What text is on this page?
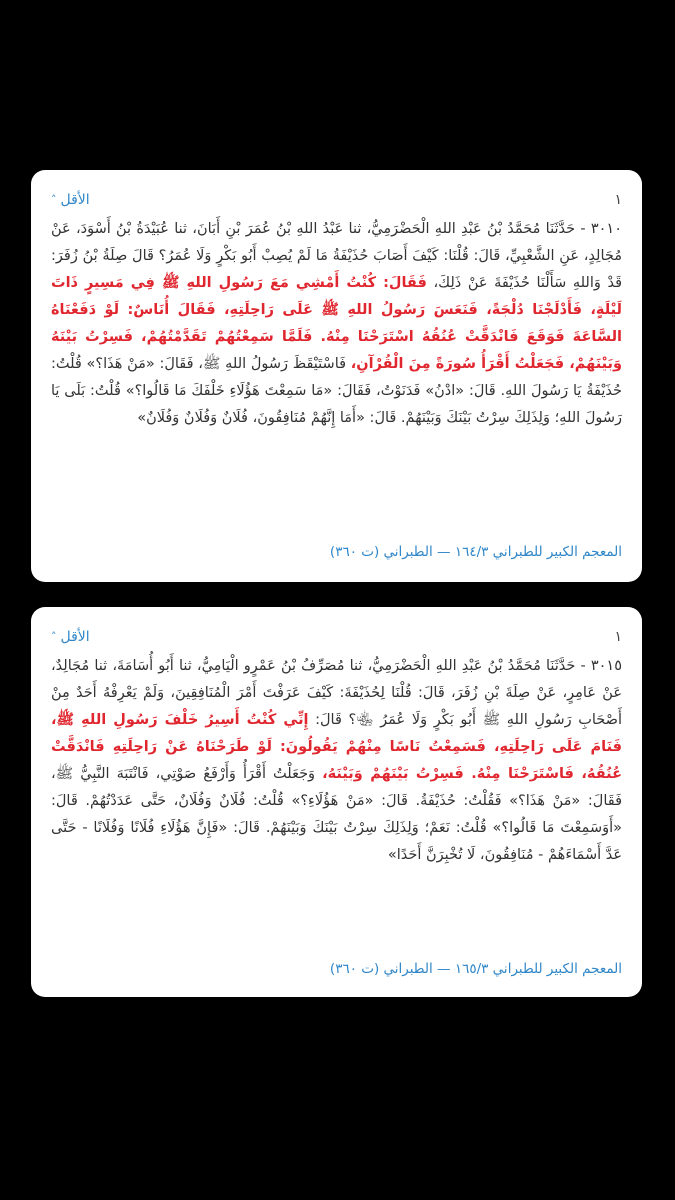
١
الأقل
˄
٣٠١٠ - حَدَّثَنَا مُحَمَّدُ بْنُ عَبْدِ اللهِ الْحَضْرَمِيُّ، ثنا عَبْدُ اللهِ بْنُ عُمَرَ بْنِ أَبَانَ، ثنا عُبَيْدَةُ بْنُ أَسْوَدَ، عَنْ مُجَالِدٍ، عَنِ الشَّعْبِيِّ، قَالَ: قُلْنَا: كَيْفَ أَصَابَ حُذَيْفَةُ مَا لَمْ يُصِبْ أَبُو بَكْرٍ وَلَا عُمَرُ؟ قَالَ صِلَةُ بْنُ زُفَرَ: قَدْ وَاللهِ سَأَلْنَا حُذَيْفَةَ عَنْ ذَلِكَ، فَقَالَ: كُنْتُ أَمْشِي مَعَ رَسُولِ اللهِ ﷺ فِي مَسِيرٍ ذَاتَ لَيْلَةٍ، فَأَدْلَجْنَا دُلْجَةً، فَنَعَسَ رَسُولُ اللهِ ﷺ عَلَى رَاحِلَتِهِ، فَقَالَ أُنَاسٌ: لَوْ دَفَعْنَاهُ السَّاعَةَ فَوَقَعَ فَانْدَقَّتْ عُنُقُهُ اسْتَرَحْنَا مِنْهُ. فَلَمَّا سَمِعْتُهُمْ تَقَدَّمْتُهُمْ، فَسِرْتُ بَيْنَهُ وَبَيْنَهُمْ، فَجَعَلْتُ أَقْرَأُ سُورَةً مِنَ الْقُرْآنِ، فَاسْتَيْقَظَ رَسُولُ اللهِ ﷺ، فَقَالَ: «مَنْ هَذَا؟» قُلْتُ: حُذَيْفَةُ يَا رَسُولَ اللهِ. قَالَ: «ادْنُ» فَدَنَوْتُ، فَقَالَ: «مَا سَمِعْتَ هَؤُلَاءِ خَلْفَكَ مَا قَالُوا؟» قُلْتُ: بَلَى يَا رَسُولَ اللهِ؛ وَلِذَلِكَ سِرْتُ بَيْنَكَ وَبَيْنَهُمْ. قَالَ: «أَمَا إِنَّهُمْ مُنَافِقُونَ، فُلَانٌ وَفُلَانٌ وَفُلَانٌ»
المعجم الكبير للطبراني ١٦٤/٣ — الطبراني (ت ٣٦٠)
١
الأقل
˄
٣٠١٥ - حَدَّثَنَا مُحَمَّدُ بْنُ عَبْدِ اللهِ الْحَضْرَمِيُّ، ثنا مُصَرِّفُ بْنُ عَمْرٍو الْيَامِيُّ، ثنا أَبُو أُسَامَةَ، ثنا مُجَالِدٌ، عَنْ عَامِرٍ، عَنْ صِلَةَ بْنِ زُفَرَ، قَالَ: قُلْنَا لِحُذَيْفَةَ: كَيْفَ عَرَفْتَ أَمْرَ الْمُنَافِقِينَ، وَلَمْ يَعْرِفْهُ أَحَدٌ مِنْ أَصْحَابِ رَسُولِ اللهِ ﷺ أَبُو بَكْرٍ وَلَا عُمَرُ ﵄؟ قَالَ: إِنِّي كُنْتُ أَسِيرُ خَلْفَ رَسُولِ اللهِ ﷺ، فَنَامَ عَلَى رَاحِلَتِهِ، فَسَمِعْتُ نَاسًا مِنْهُمْ يَقُولُونَ: لَوْ طَرَحْنَاهُ عَنْ رَاحِلَتِهِ فَانْدَقَّتْ عُنُقُهُ، فَاسْتَرَحْنَا مِنْهُ. فَسِرْتُ بَيْنَهُمْ وَبَيْنَهُ، وَجَعَلْتُ أَقْرَأُ وَأَرْفَعُ صَوْتِي، فَانْتَبَهَ النَّبِيُّ ﷺ، فَقَالَ: «مَنْ هَذَا؟» فَقُلْتُ: حُذَيْفَةُ. قَالَ: «مَنْ هَؤُلَاءِ؟» قُلْتُ: فُلَانٌ وَفُلَانٌ، حَتَّى عَدَدْتُهُمْ. قَالَ: «أَوَسَمِعْتَ مَا قَالُوا؟» قُلْتُ: نَعَمْ؛ وَلِذَلِكَ سِرْتُ بَيْنَكَ وَبَيْنَهُمْ. قَالَ: «فَإِنَّ هَؤُلَاءِ فُلَانًا وَفُلَانًا - حَتَّى عَدَّ أَسْمَاءَهُمْ - مُنَافِقُونَ، لَا تُخْبِرَنَّ أَحَدًا»
المعجم الكبير للطبراني ١٦٥/٣ — الطبراني (ت ٣٦٠)
